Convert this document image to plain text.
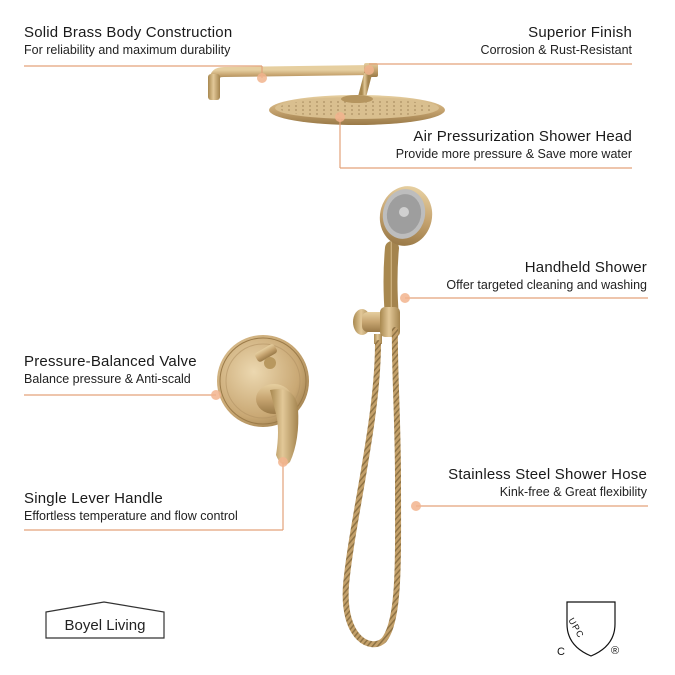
Solid Brass Body Construction
For reliability and maximum durability
Superior Finish
Corrosion & Rust-Resistant
Air Pressurization Shower Head
Provide more pressure & Save more water
Handheld Shower
Offer targeted cleaning and washing
Pressure-Balanced Valve
Balance pressure & Anti-scald
Stainless Steel Shower Hose
Kink-free & Great flexibility
Single Lever Handle
Effortless temperature and flow control
Boyel Living	UPC
C	®
